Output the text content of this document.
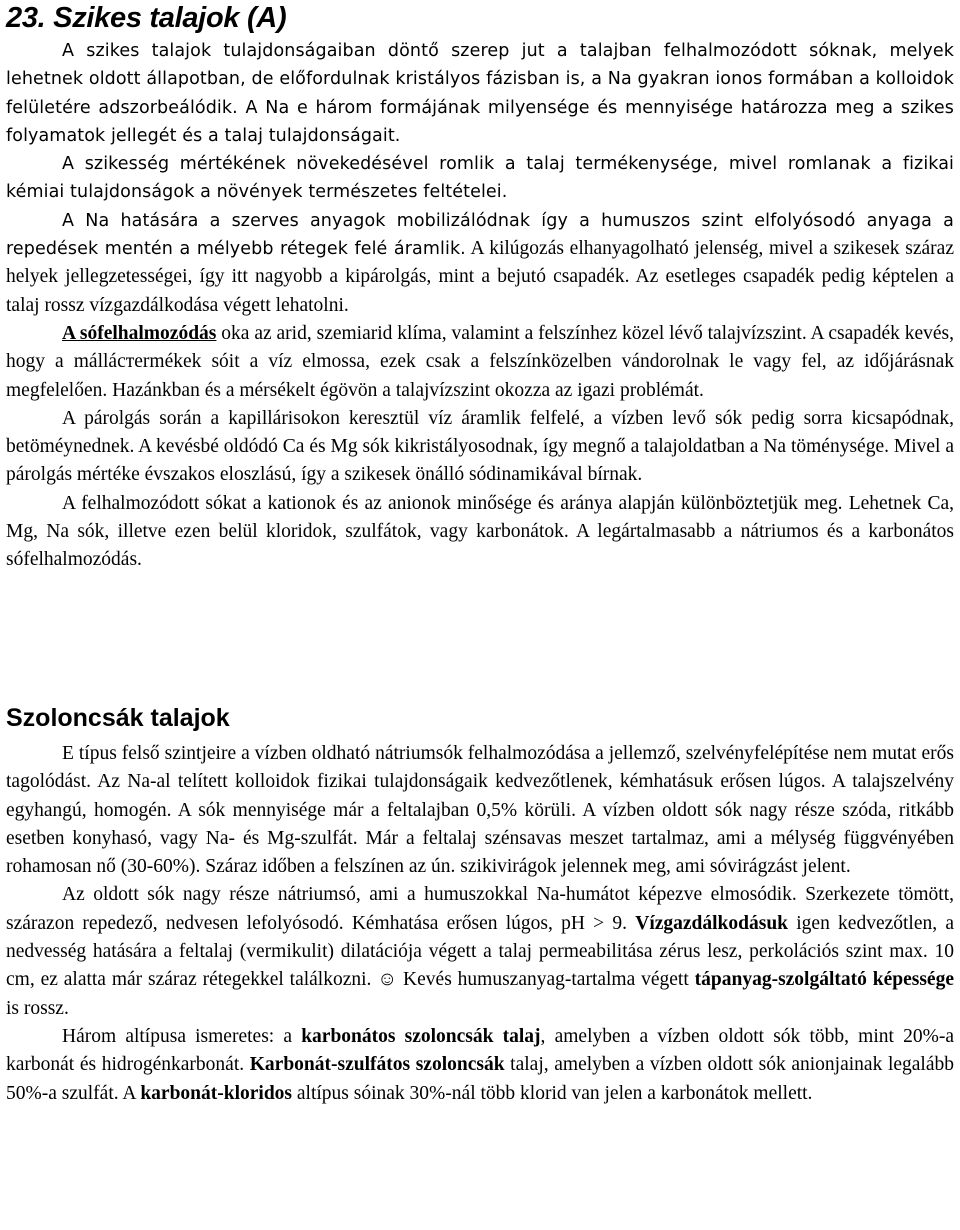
23. Szikes talajok (A)

A szikes talajok tulajdonságaiban döntő szerep jut a talajban felhalmozódott sóknak, melyek lehetnek oldott állapotban, de előfordulnak kristályos fázisban is, a Na gyakran ionos formában a kolloidok felületére adszorbeálódik. A Na e három formájának milyensége és mennyisége határozza meg a szikes folyamatok jellegét és a talaj tulajdonságait.

A szikesség mértékének növekedésével romlik a talaj termékenysége, mivel romlanak a fizikai kémiai tulajdonságok a növények természetes feltételei.

A Na hatására a szerves anyagok mobilizálódnak így a humuszos szint elfolyósodó anyaga a repedések mentén a mélyebb rétegek felé áramlik. A kilúgozás elhanyagolható jelenség, mivel a szikesek száraz helyek jellegzetességei, így itt nagyobb a kipárolgás, mint a bejutó csapadék. Az esetleges csapadék pedig képtelen a talaj rossz vízgazdálkodása végett lehatolni.

A sófelhalmozódás oka az arid, szemiarid klíma, valamint a felszínhez közel lévő talajvízszint. A csapadék kevés, hogy a málláстermékek sóit a víz elmossa, ezek csak a felszínközelben vándorolnak le vagy fel, az időjárásnak megfelelően. Hazánkban és a mérsékelt égövön a talajvízszint okozza az igazi problémát.

A párolgás során a kapillárisokon keresztül víz áramlik felfelé, a vízben levő sók pedig sorra kicsapódnak, betöméynednek. A kevésbé oldódó Ca és Mg sók kikristályosodnak, így megnő a talajoldatban a Na töménysége. Mivel a párolgás mértéke évszakos eloszlású, így a szikesek önálló sódinamikával bírnak.

A felhalmozódott sókat a kationok és az anionok minősége és aránya alapján különböztetjük meg. Lehetnek Ca, Mg, Na sók, illetve ezen belül kloridok, szulfátok, vagy karbonátok. A legártalmasabb a nátriumos és a karbonátos sófelhalmozódás.

Szoloncsák talajok

E típus felső szintjeire a vízben oldható nátriumsók felhalmozódása a jellemző, szelvényfelépítése nem mutat erős tagolódást. Az Na-al telített kolloidok fizikai tulajdonságaik kedvezőtlenek, kémhatásuk erősen lúgos. A talajszelvény egyhangú, homogén. A sók mennyisége már a feltalajban 0,5% körüli. A vízben oldott sók nagy része szóda, ritkább esetben konyhasó, vagy Na- és Mg-szulfát. Már a feltalaj szénsavas meszet tartalmaz, ami a mélység függvényében rohamosan nő (30-60%). Száraz időben a felszínen az ún. szikivirágok jelennek meg, ami sóvirágzást jelent.

Az oldott sók nagy része nátriumsó, ami a humuszokkal Na-humátot képezve elmosódik. Szerkezete tömött, szárazon repedező, nedvesen lefolyósodó. Kémhatása erősen lúgos, pH > 9. Vízgazdálkodásuk igen kedvezőtlen, a nedvesség hatására a feltalaj (vermikulit) dilatációja végett a talaj permeabilitása zérus lesz, perkolációs szint max. 10 cm, ez alatta már száraz rétegekkel találkozni. ☺ Kevés humuszanyag-tartalma végett tápanyag-szolgáltató képessége is rossz.

Három altípusa ismeretes: a karbonátos szoloncsák talaj, amelyben a vízben oldott sók több, mint 20%-a karbonát és hidrogénkarbonát. Karbonát-szulfátos szoloncsák talaj, amelyben a vízben oldott sók anionjainak legalább 50%-a szulfát. A karbonát-kloridos altípus sóinak 30%-nál több klorid van jelen a karbonátok mellett.
